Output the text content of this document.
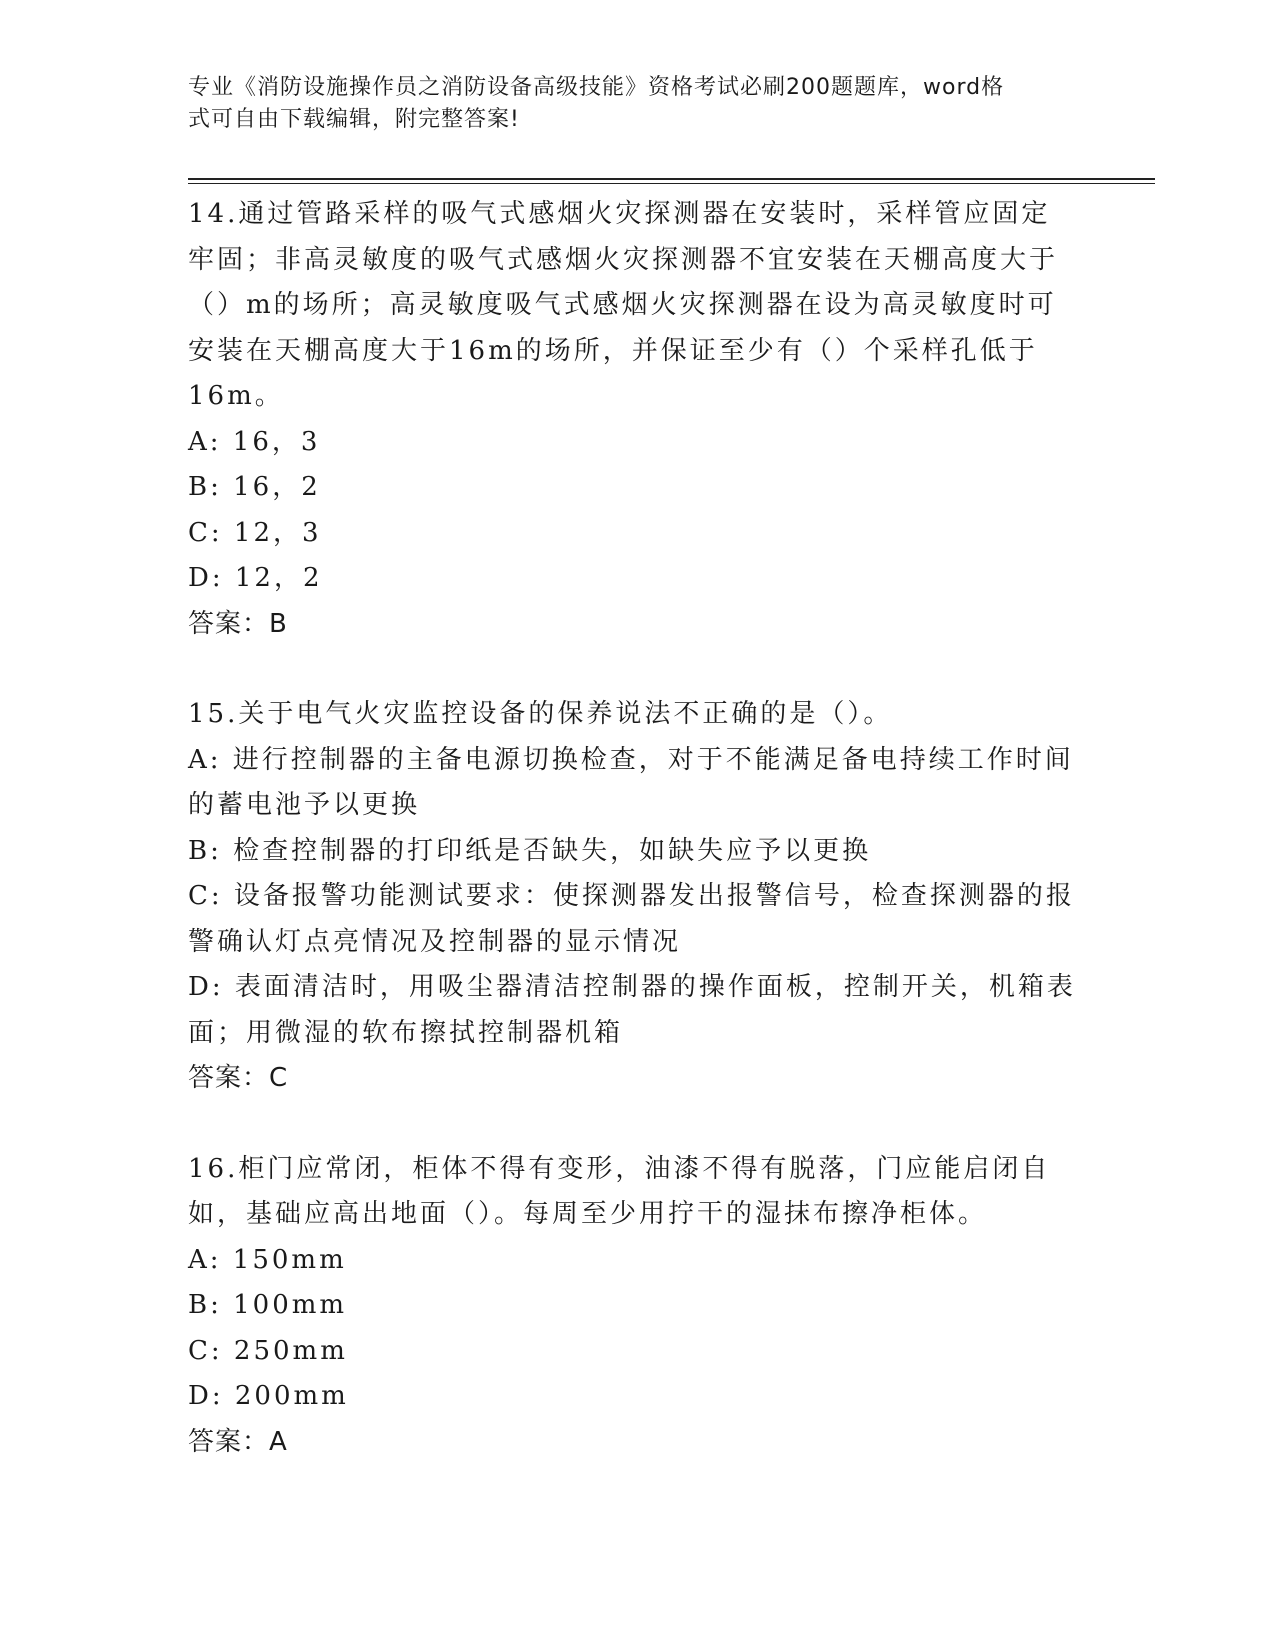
专业《消防设施操作员之消防设备高级技能》资格考试必刷200题题库，word格
式可自由下载编辑，附完整答案!
14.通过管路采样的吸气式感烟火灾探测器在安装时，采样管应固定牢固；非高灵敏度的吸气式感烟火灾探测器不宜安装在天棚高度大于（）m的场所；高灵敏度吸气式感烟火灾探测器在设为高灵敏度时可安装在天棚高度大于16m的场所，并保证至少有（）个采样孔低于16m。
A: 16，3
B: 16，2
C: 12，3
D: 12，2
答案：B
15.关于电气火灾监控设备的保养说法不正确的是（）。
A: 进行控制器的主备电源切换检查，对于不能满足备电持续工作时间的蓄电池予以更换
B: 检查控制器的打印纸是否缺失，如缺失应予以更换
C: 设备报警功能测试要求：使探测器发出报警信号，检查探测器的报警确认灯点亮情况及控制器的显示情况
D: 表面清洁时，用吸尘器清洁控制器的操作面板，控制开关，机箱表面；用微湿的软布擦拭控制器机箱
答案：C
16.柜门应常闭，柜体不得有变形，油漆不得有脱落，门应能启闭自如，基础应高出地面（）。每周至少用拧干的湿抹布擦净柜体。
A: 150mm
B: 100mm
C: 250mm
D: 200mm
答案：A
